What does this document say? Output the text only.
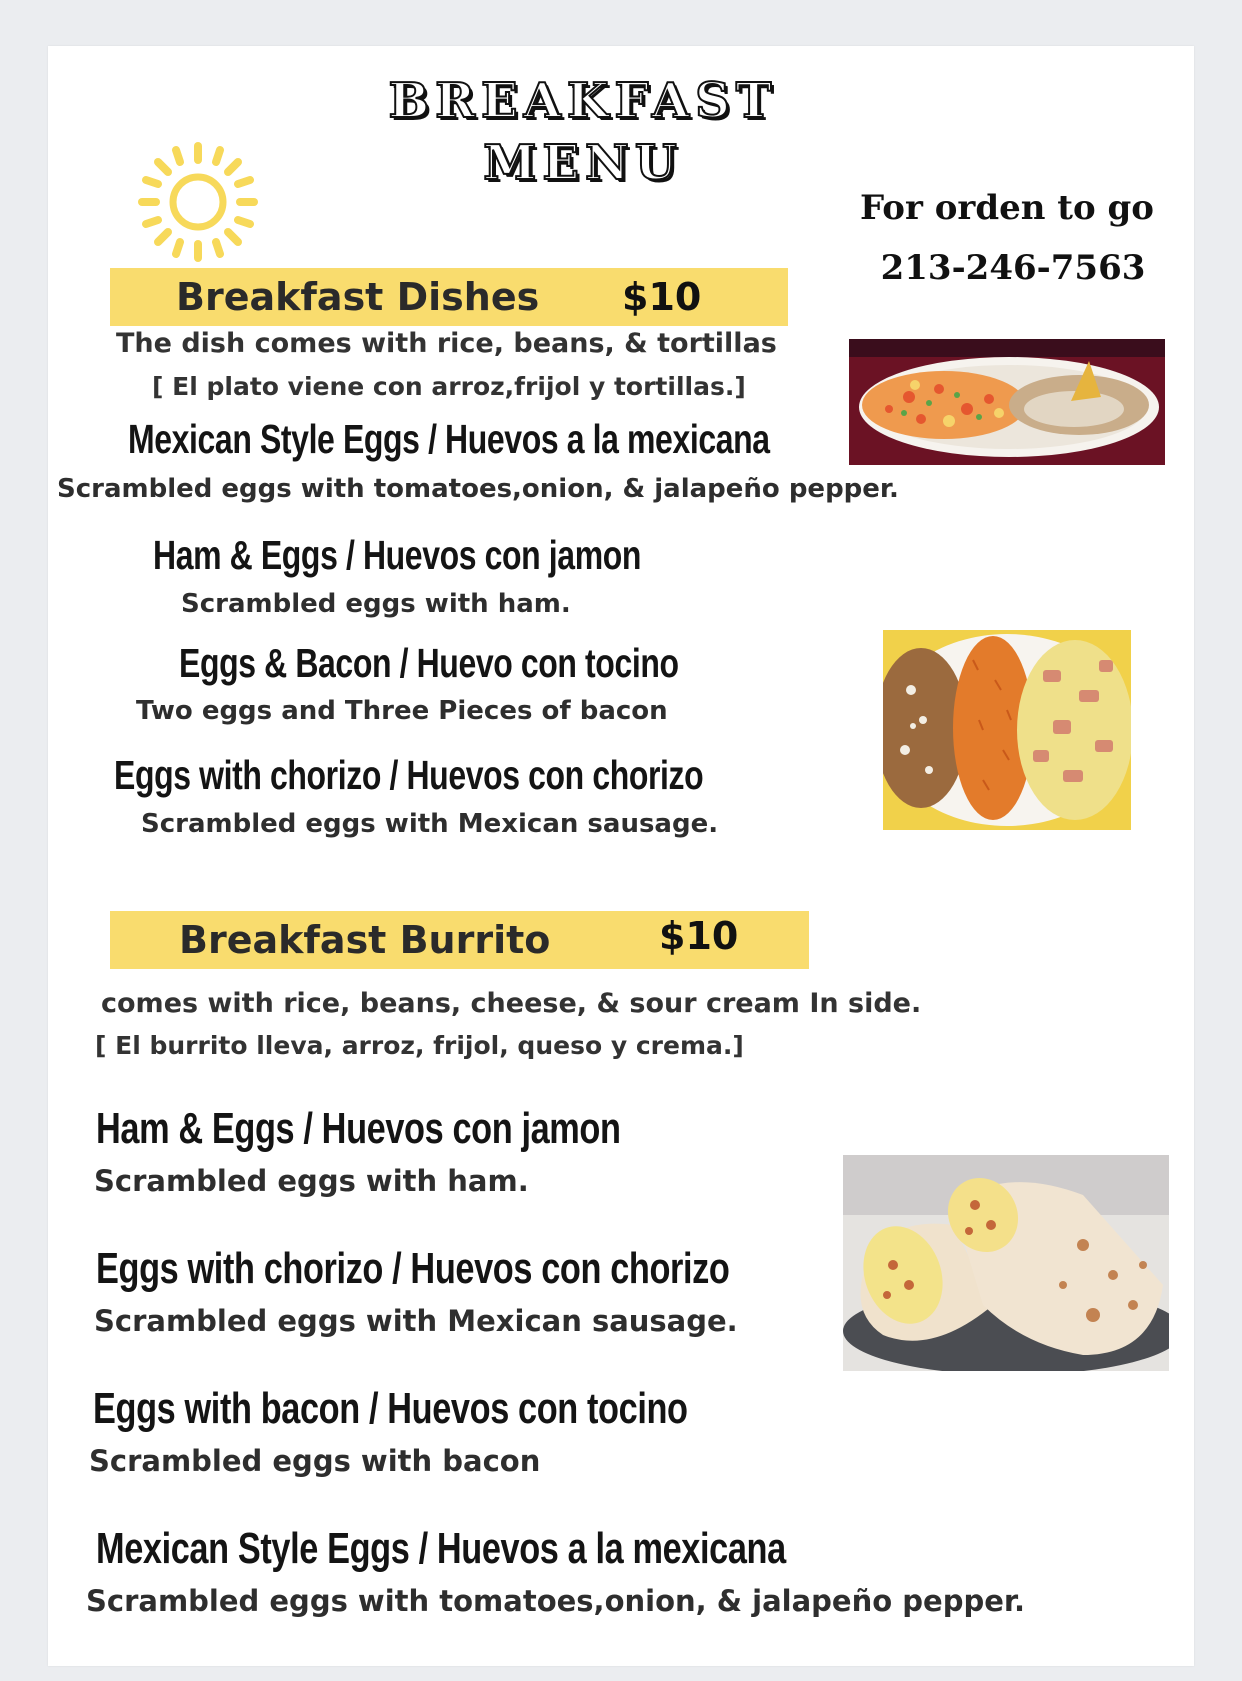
BREAKFAST
MENU
For orden to go
213-246-7563
Breakfast Dishes $10
The dish comes with rice, beans, & tortillas
[ El plato viene con arroz,frijol y tortillas.]
Mexican Style Eggs / Huevos a la mexicana
Scrambled eggs with tomatoes,onion, & jalapeño pepper.
Ham & Eggs / Huevos con jamon
Scrambled eggs with ham.
Eggs & Bacon / Huevo con tocino
Two eggs and Three Pieces of bacon
Eggs with chorizo / Huevos con chorizo
Scrambled eggs with Mexican sausage.
Breakfast Burrito	$10
comes with rice, beans, cheese, & sour cream In side.
[ El burrito lleva, arroz, frijol, queso y crema.]
Ham & Eggs / Huevos con jamon
Scrambled eggs with ham.
Eggs with chorizo / Huevos con chorizo
Scrambled eggs with Mexican sausage.
Eggs with bacon / Huevos con tocino
Scrambled eggs with bacon
Mexican Style Eggs / Huevos a la mexicana
Scrambled eggs with tomatoes,onion, & jalapeño pepper.
